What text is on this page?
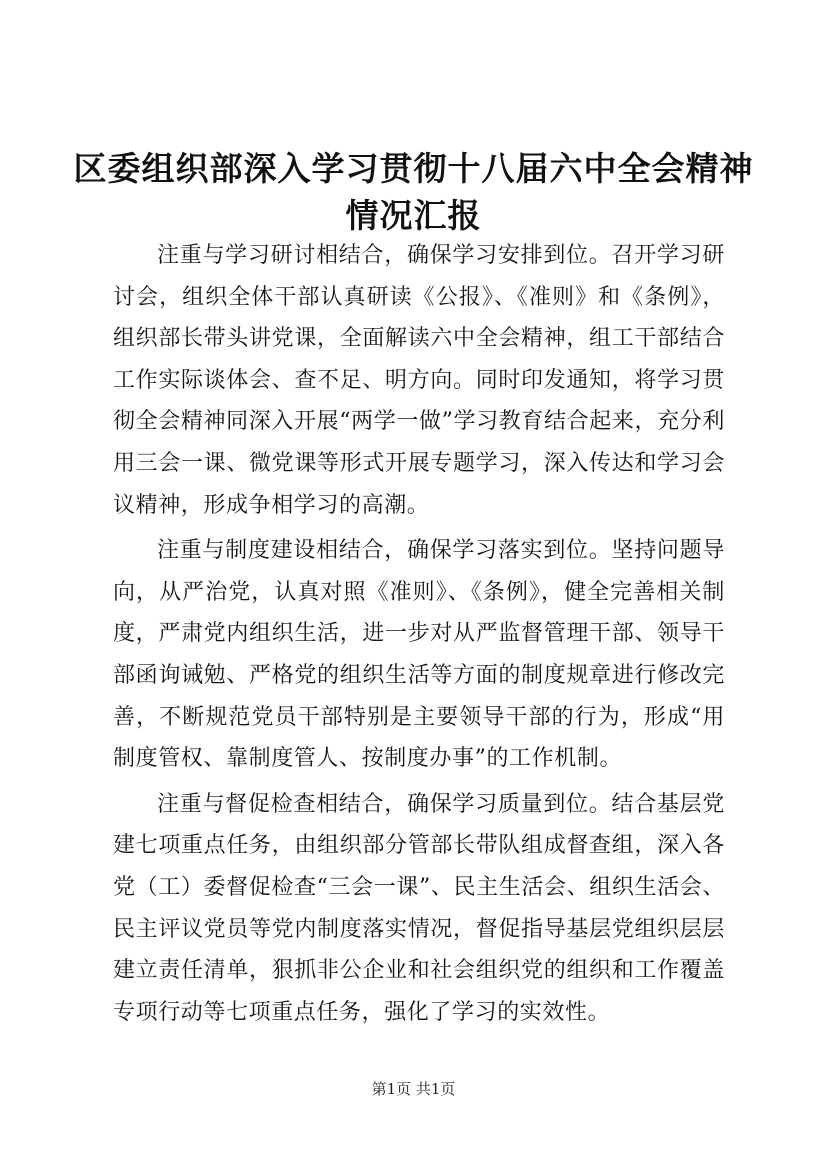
区委组织部深入学习贯彻十八届六中全会精神
情况汇报

注重与学习研讨相结合，确保学习安排到位。召开学习研讨会，组织全体干部认真研读《公报》、《准则》和《条例》，组织部长带头讲党课，全面解读六中全会精神，组工干部结合工作实际谈体会、查不足、明方向。同时印发通知，将学习贯彻全会精神同深入开展“两学一做”学习教育结合起来，充分利用三会一课、微党课等形式开展专题学习，深入传达和学习会议精神，形成争相学习的高潮。

注重与制度建设相结合，确保学习落实到位。坚持问题导向，从严治党，认真对照《准则》、《条例》，健全完善相关制度，严肃党内组织生活，进一步对从严监督管理干部、领导干部函询诫勉、严格党的组织生活等方面的制度规章进行修改完善，不断规范党员干部特别是主要领导干部的行为，形成“用制度管权、靠制度管人、按制度办事”的工作机制。

注重与督促检查相结合，确保学习质量到位。结合基层党建七项重点任务，由组织部分管部长带队组成督查组，深入各党（工）委督促检查“三会一课”、民主生活会、组织生活会、民主评议党员等党内制度落实情况，督促指导基层党组织层层建立责任清单，狠抓非公企业和社会组织党的组织和工作覆盖专项行动等七项重点任务，强化了学习的实效性。

第1页 共1页
